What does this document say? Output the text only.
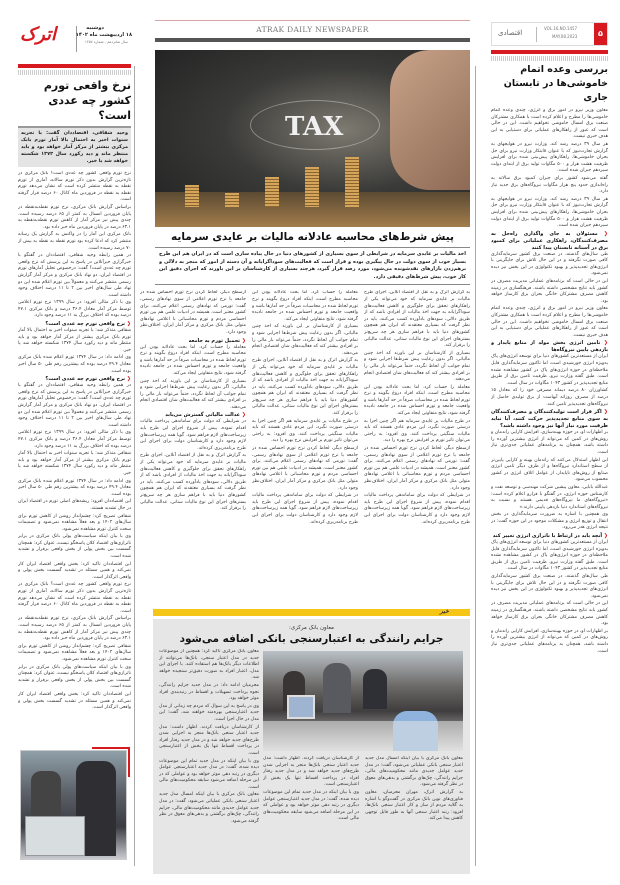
اترک	دوشنبه
۱۸ اردیبهشت ماه ۱۴۰۲
سال شانزدهم - شماره ۱۴۵۷
نرخ واقعی تورم کشور چه عددی است؟
وحید شقاقی، اقتصاددان گفت: با تجربه سنوات اخیر به احتمال بالا آمار تورم بانک مرکزی بیشتر از مرکز آمار خواهد بود و باید منتظر ماند و دید رکورد سال ۱۳۷۴ شکسته خواهد شد یا خیر.

نرخ تورم واقعی کشور چه عددی است؟ بانک مرکزی در تازه‌ترین گزارش بدون ذکر تورم سالانه، آماری از تورم نقطه به نقطه منتشر کرده است که نشان می‌دهد تورم نقطه به نقطه در فروردین ماه کانال ۶۰ درصد قرار گرفته است.

براساس گزارش بانک مرکزی، نرخ تورم نقطه‌به‌نقطه در پایان فروردین امسال به کمتر از ۶۵ درصد رسیده است. چندی پیش نیز مرکز آمار از کاهش تورم نقطه‌به‌نقطه به ۶۳.۱ درصد در پایان فروردین ماه خبر داده بود.

بانک مرکزی این آمار را در واکنش به گزارش یک رسانه منتشر کرد که ادعا کرده بود تورم نقطه به نقطه به بیش از ۷۰ درصد رسیده است.

در همین رابطه وحید شقاقی، اقتصاددان در گفتگو با خبرگزاری خبرآنلاین در پاسخ به این پرسش که نرخ واقعی تورم چه عددی است؟ گفت: درخصوص تحلیل آمارهای تورم در اقتصاد ایران، دو نهاد بانک مرکزی و مرکز آمار گزارش رسمی منتشر می‌کنند و معمولاً بین تورم اعلام شده این دو نهاد طی سال‌های اخیر بین ۲ تا ۱۱ درصد اختلاف وجود داشته است.

وی با ذکر مثالی افزود: در سال ۱۳۹۹ نرخ تورم اعلامی توسط مرکز آمار معادل ۳۶.۴ درصد و بانک مرکزی ۴۷.۱ درصد بوده که اختلاف بزرگ به ۱۱ درصد وجود دارد.

❮ نرخ واقعی تورم چه عددی است؟

شقاقی متذکر شد: با تجربه سنوات اخیر به احتمال بالا آمار تورم بانک مرکزی بیشتر از مرکز آمار خواهد بود و باید منتظر ماند و دید رکورد سال ۱۳۷۴ شکسته خواهد شد یا خیر.

وی ادامه داد: در سال ۱۳۷۴ تورم اعلام شده بانک مرکزی معادل ۴۹.۴ درصد بوده که بیشترین رقم طی ۵۰ سال اخیر بوده است.

❮ نرخ واقعی تورم چه عددی است؟

در همین رابطه وحید شقاقی، اقتصاددان در گفتگو با خبرگزاری خبرآنلاین در پاسخ به این پرسش که نرخ واقعی تورم چه عددی است؟ گفت: درخصوص تحلیل آمارهای تورم در اقتصاد ایران، دو نهاد بانک مرکزی و مرکز آمار گزارش رسمی منتشر می‌کنند و معمولاً بین تورم اعلام شده این دو نهاد طی سال‌های اخیر بین ۲ تا ۱۱ درصد اختلاف وجود داشته است.

وی با ذکر مثالی افزود: در سال ۱۳۹۹ نرخ تورم اعلامی توسط مرکز آمار معادل ۳۶.۴ درصد و بانک مرکزی ۴۷.۱ درصد بوده که اختلاف بزرگ به ۱۱ درصد وجود دارد.

شقاقی متذکر شد: با تجربه سنوات اخیر به احتمال بالا آمار تورم بانک مرکزی بیشتر از مرکز آمار خواهد بود و باید منتظر ماند و دید رکورد سال ۱۳۷۴ شکسته خواهد شد یا خیر.

وی ادامه داد: در سال ۱۳۷۴ تورم اعلام شده بانک مرکزی معادل ۴۹.۴ درصد بوده که بیشترین رقم طی ۵۰ سال اخیر بوده است.

این اقتصاددان افزود: ریشه‌های اصلی تورم در اقتصاد ایران در حال تشدید هستند.

شقاقی تصریح کرد: چشم‌انداز روشن از کاهش تورم برای سال‌های ۱۴۰۲ و بعد فعلاً مشاهده نمی‌شود و تصمیمات سخت کنترل تورم مشاهده نمی‌شود.

وی با بیان اینکه سیاست‌های پولی بانک مرکزی در برابر ناترازی‌های اقتصاد کلان پاسخگو نیست، عنوان کرد: همچنان گسست بین بخش پولی از بخش واقعی برقرار و تشدید شده است.

این اقتصاددان تاکید کرد: بخش واقعی اقتصاد ایران کار نمی‌کند و همین مسئله در تشدید گسست بخش پولی و واقعی اثرگذار است.

نرخ تورم واقعی کشور چه عددی است؟ بانک مرکزی در تازه‌ترین گزارش بدون ذکر تورم سالانه، آماری از تورم نقطه به نقطه منتشر کرده است که نشان می‌دهد تورم نقطه به نقطه در فروردین ماه کانال ۶۰ درصد قرار گرفته است.

براساس گزارش بانک مرکزی، نرخ تورم نقطه‌به‌نقطه در پایان فروردین امسال به کمتر از ۶۵ درصد رسیده است. چندی پیش نیز مرکز آمار از کاهش تورم نقطه‌به‌نقطه به ۶۳.۱ درصد در پایان فروردین ماه خبر داده بود.

شقاقی تصریح کرد: چشم‌انداز روشن از کاهش تورم برای سال‌های ۱۴۰۲ و بعد فعلاً مشاهده نمی‌شود و تصمیمات سخت کنترل تورم مشاهده نمی‌شود.

وی با بیان اینکه سیاست‌های پولی بانک مرکزی در برابر ناترازی‌های اقتصاد کلان پاسخگو نیست، عنوان کرد: همچنان گسست بین بخش پولی از بخش واقعی برقرار و تشدید شده است.

این اقتصاددان تاکید کرد: بخش واقعی اقتصاد ایران کار نمی‌کند و همین مسئله در تشدید گسست بخش پولی و واقعی اثرگذار است.

ATRAK DAILY NEWSPAPER
TAX
پیش شرط‌های محاسبه عادلانه مالیات بر عایدی سرمایه
اخذ مالیات بر عایدی سرمایه در شرایطی از سوی بسیاری از کشورهای دنیا در حال پیاده سازی است که در ایران هم این طرح بسیار خوب از سوی دولت در حال پیگیری بوده و قرار است که فعالیت‌های سوداگرایانه و آن دسته از امور که منجر به دلالی و برهم‌زدن بازارهای نقدشونده می‌شود، مورد رصد قرار گیرد، هرچند بسیاری از کارشناسان بر این باورند که اجرای دقیق این کار خوب، پیش شرط‌های دقیقی دارد.

به گزارش اترک و به نقل از اقتصاد آنلاین، اجرای طرح مالیات بر عایدی سرمایه که خود می‌تواند یکی از راهکارهای تحقق برای جلوگیری و کاهش فعالیت‌های سوداگرایانه به جهت اخذ مالیات از افرادی باشد که از طریق دلالی، سودهای بادآورده کسب می‌کنند، باید در نظر گرفت که بسیاری معتقدند که ایران هم همچون کشورهای دنیا باید با فراهم سازی هر چه سریع‌تر بسترهای اجرای این نوع مالیات ستانی، عدالت مالیاتی را برقرار کند.

بسیاری از کارشناسان بر این باورند که اخذ چنین مالیاتی، اگر بدون رعایت پیش شرط‌ها اجرایی شود و تمام جوانب آن لحاظ نگردد، حتماً می‌تواند بار مالی را بر افرادی بیشتر کند که فعالیت‌های شان اقتصادی انجام می‌دهند.

معامله را حساب کرد. اما بحث عادلانه بودن این محاسبه مطرح است، اینکه افراد دروغ بگویند و نرخ تورم لحاظ شده در محاسبات صرفاً در حد آمارها باشد و واقعیت جامعه و تورم احساس شده در جامعه نادیده گرفته شود، نتایج متفاوتی ایجاد می‌کند.

در طرح مالیات بر عایدی سرمایه هم اگر چنین اجرا به درستی صورت نگیرد، این مردم عادی هستند که باید مالیات سنگینی پرداخت کنند. وی افزود: به راحتی می‌توان تاثیر تورم بر افزایش نرخ بهره را دید.

ازسطح دیگر، لحاظ کردن نرخ تورم احساس شده در جامعه یا نرخ تورم اعلامی از سوی نهادهای رسمی، گفت: تورمی که نهادهای رسمی اعلام می‌کنند، برای کشور معتبر است. همیشه در ادبیات علمی هم بین تورم احساسی مردم و تورم محاسباتی با اعلامی نهادهای متولی مثل بانک مرکزی و مرکز آمار ایران، اختلاف‌نظر وجود دارد.

در شرایطی که دولت برای ساماندهی پرداخت مالیات اقدام نموده، پیش از شروع اجرای این طرح باید زیرساخت‌های لازم فراهم شود. گویا همه زیرساخت‌های لازم وجود دارد و کارشناسان دولت برای اجرای این طرح برنامه‌ریزی کرده‌اند.

معامله را حساب کرد. اما بحث عادلانه بودن این محاسبه مطرح است، اینکه افراد دروغ بگویند و نرخ تورم لحاظ شده در محاسبات صرفاً در حد آمارها باشد و واقعیت جامعه و تورم احساس شده در جامعه نادیده گرفته شود، نتایج متفاوتی ایجاد می‌کند.

بسیاری از کارشناسان بر این باورند که اخذ چنین مالیاتی، اگر بدون رعایت پیش شرط‌ها اجرایی شود و تمام جوانب آن لحاظ نگردد، حتماً می‌تواند بار مالی را بر افرادی بیشتر کند که فعالیت‌های شان اقتصادی انجام می‌دهند.

به گزارش اترک و به نقل از اقتصاد آنلاین، اجرای طرح مالیات بر عایدی سرمایه که خود می‌تواند یکی از راهکارهای تحقق برای جلوگیری و کاهش فعالیت‌های سوداگرایانه به جهت اخذ مالیات از افرادی باشد که از طریق دلالی، سودهای بادآورده کسب می‌کنند، باید در نظر گرفت که بسیاری معتقدند که ایران هم همچون کشورهای دنیا باید با فراهم سازی هر چه سریع‌تر بسترهای اجرای این نوع مالیات ستانی، عدالت مالیاتی را برقرار کند.

در طرح مالیات بر عایدی سرمایه هم اگر چنین اجرا به درستی صورت نگیرد، این مردم عادی هستند که باید مالیات سنگینی پرداخت کنند. وی افزود: به راحتی می‌توان تاثیر تورم بر افزایش نرخ بهره را دید.

ازسطح دیگر، لحاظ کردن نرخ تورم احساس شده در جامعه یا نرخ تورم اعلامی از سوی نهادهای رسمی، گفت: تورمی که نهادهای رسمی اعلام می‌کنند، برای کشور معتبر است. همیشه در ادبیات علمی هم بین تورم احساسی مردم و تورم محاسباتی با اعلامی نهادهای متولی مثل بانک مرکزی و مرکز آمار ایران، اختلاف‌نظر وجود دارد.

در شرایطی که دولت برای ساماندهی پرداخت مالیات اقدام نموده، پیش از شروع اجرای این طرح باید زیرساخت‌های لازم فراهم شود. گویا همه زیرساخت‌های لازم وجود دارد و کارشناسان دولت برای اجرای این طرح برنامه‌ریزی کرده‌اند.

ازسطح دیگر، لحاظ کردن نرخ تورم احساس شده در جامعه یا نرخ تورم اعلامی از سوی نهادهای رسمی، گفت: تورمی که نهادهای رسمی اعلام می‌کنند، برای کشور معتبر است. همیشه در ادبیات علمی هم بین تورم احساسی مردم و تورم محاسباتی با اعلامی نهادهای متولی مثل بانک مرکزی و مرکز آمار ایران، اختلاف‌نظر وجود دارد.

❮ تحمیل تورم به جامعه

معامله را حساب کرد. اما بحث عادلانه بودن این محاسبه مطرح است، اینکه افراد دروغ بگویند و نرخ تورم لحاظ شده در محاسبات صرفاً در حد آمارها باشد و واقعیت جامعه و تورم احساس شده در جامعه نادیده گرفته شود، نتایج متفاوتی ایجاد می‌کند.

بسیاری از کارشناسان بر این باورند که اخذ چنین مالیاتی، اگر بدون رعایت پیش شرط‌ها اجرایی شود و تمام جوانب آن لحاظ نگردد، حتماً می‌تواند بار مالی را بر افرادی بیشتر کند که فعالیت‌های شان اقتصادی انجام می‌دهند.

❮ عدالت مالیاتی گسترش می‌یابد

در شرایطی که دولت برای ساماندهی پرداخت مالیات اقدام نموده، پیش از شروع اجرای این طرح باید زیرساخت‌های لازم فراهم شود. گویا همه زیرساخت‌های لازم وجود دارد و کارشناسان دولت برای اجرای این طرح برنامه‌ریزی کرده‌اند.

به گزارش اترک و به نقل از اقتصاد آنلاین، اجرای طرح مالیات بر عایدی سرمایه که خود می‌تواند یکی از راهکارهای تحقق برای جلوگیری و کاهش فعالیت‌های سوداگرایانه به جهت اخذ مالیات از افرادی باشد که از طریق دلالی، سودهای بادآورده کسب می‌کنند، باید در نظر گرفت که بسیاری معتقدند که ایران هم همچون کشورهای دنیا باید با فراهم سازی هر چه سریع‌تر بسترهای اجرای این نوع مالیات ستانی، عدالت مالیاتی را برقرار کند.

خبر
معاون بانک مرکزی:
جرایم رانندگی به اعتبارسنجی بانکی اضافه می‌شود

معاون بانک مرکزی تاکید کرد: همچنین از موضوعات جدید در مدل اعتبار سنجی، بانک‌ها می‌توانند از اطلاعات دیگر بانک‌ها هم استفاده کنند. با اجرای این مدل، اعتبار افراد به صورت دقیق‌تر سنجیده خواهد شد.

محرمیان ادامه داد: در مدل جدید جرایم رانندگی، نحوه پرداخت تسهیلات و اقساط در رتبه‌بندی افراد موثر خواهد بود.

وی در پاسخ به این سوال که مردم چه زمانی از مدل جدید اعتبارسنجی بهره‌مند خواهند شد، گفت: این مدل در حال اجرا است.

از کارشناسان دریافت کردند. اظهار داشت: مدل جدید اعتبار سنجی بانک‌ها منجر به اجرایی شدن طرح‌های جدید خواهد شد و در مدل جدید رفتار افراد در پرداخت اقساط تنها یک بخش از اعتبارسنجی است.

وی با بیان اینکه در مدل جدید تمام این موضوعات دیده شده، گفت: در مدل جدید اعتبارسنجی عوامل دیگری در رتبه دهی موثر خواهد بود و عواملی که در این مرحله اضافه می‌شود سابقه محکومیت‌های مالی است.

معاون بانک مرکزی با بیان اینکه امسال مدل جدید اعتبار سنجی بانکی عملیاتی می‌شود، گفت: در مدل جدید عوامل جدیدی مانند محکومیت‌های مالی، جرایم رانندگی، چک‌های برگشتی و بدهی‌های معوق در نظر گرفته می‌شود.

از کارشناسان دریافت کردند. اظهار داشت: مدل جدید اعتبار سنجی بانک‌ها منجر به اجرایی شدن طرح‌های جدید خواهد شد و در مدل جدید رفتار افراد در پرداخت اقساط تنها یک بخش از اعتبارسنجی است.

وی با بیان اینکه در مدل جدید تمام این موضوعات دیده شده، گفت: در مدل جدید اعتبارسنجی عوامل دیگری در رتبه دهی موثر خواهد بود و عواملی که در این مرحله اضافه می‌شود سابقه محکومیت‌های مالی است.

معاون بانک مرکزی با بیان اینکه امسال مدل جدید اعتبار سنجی بانکی عملیاتی می‌شود، گفت: در مدل جدید عوامل جدیدی مانند محکومیت‌های مالی، جرایم رانندگی، چک‌های برگشتی و بدهی‌های معوق در نظر گرفته می‌شود.

به گزارش اترک، مهران محرمیان، معاون فناوری‌های نوین بانک مرکزی در گفت‌وگو با اشاره به گلایه مردم از ساز و کار اعتبار سنجی بانک‌ها، افزود: رتبه اعتبار سنجی آنها به طور قابل توجهی کاهش پیدا می‌کند.

اقتصادی
VOL.16,NO.1457
MAY.08.2023	۵
بررسی وعده اتمام خاموشی‌ها در تابستان جاری

معاون وزیر نیرو در امور برق و انرژی، چندی وعده اتمام خاموشی‌ها را مطرح و اعلام کرده است با همکاری مشترکان صنعت برق امسال خاموشی نخواهیم داشت. این در حالی است که عبور از راهکارهای عملیاتی برای دستیابی به این هدف خبری نیست.

هر سال ۳۹ درصد رشد کند. وزارت نیرو در هوایجهای به گزارش تجارت‌نیوز که با عنوان ۸ابتکار وزارت نیرو برای حل بحران خاموشی‌ها، راهکارهای پیش‌بینی شده برای افزایش ظرفیت هشت هزار و ۵۰۰ مگاوات تولید برق از ابتدای دولت سیزدهم جبران شده است.

گفته می‌شود کشور برای جبران کمبود برق سالانه به راه‌اندازی حدود پنج هزار مگاوات نیروگاه‌های برق جدید نیاز دارد.

هر سال ۳۹ درصد رشد کند. وزارت نیرو در هوایجهای به گزارش تجارت‌نیوز که با عنوان ۸ابتکار وزارت نیرو برای حل بحران خاموشی‌ها، راهکارهای پیش‌بینی شده برای افزایش ظرفیت هشت هزار و ۵۰۰ مگاوات تولید برق از ابتدای دولت سیزدهم جبران شده است.

❮ مسئولان به جای واگذاری راه‌حل به مصرف‌کنندگان، راهکاری عملیاتی برای کمبود برق در آستانه تابستان پیدا کنند

طی سال‌های گذشته، در صنعت برق کشور سرمایه‌گذاری کافی صورت نگرفته و در این حال تلاش برای جایگزینی با انرژی‌های تجدیدپذیر و بهبود تکنولوژی در این بخش نیز دیده نمی‌شود.

این در حالی است که برنامه‌های عملیاتی مدیریت مصرف در کشور باید نتایج مشخصی داشته باشند. فرهنگسازی در زمینه کاهش مصرف مشترکان خانگی بحران برق کارساز خواهد بود.

معاون وزیر نیرو در امور برق و انرژی، چندی وعده اتمام خاموشی‌ها را مطرح و اعلام کرده است با همکاری مشترکان صنعت برق امسال خاموشی نخواهیم داشت. این در حالی است که عبور از راهکارهای عملیاتی برای دستیابی به این هدف خبری نیست.

❮ تامین انرژی بخش مولد از منابع پایدار و بازدهی پایین نیروگاه‌ها

ایران از مستعدترین کشورهای دنیا برای توسعه انرژی‌های پاک به‌ویژه انرژی خورشیدی است، اما تاکنون سرمایه‌گذاری قابل ملاحظه‌ای در حوزه انرژی‌های پاک در کشور مشاهده نشده است. طبق گفته وزارت نیرو، ظرفیت تامین برق از طریق منابع تجدیدپذیر در کشور ۱۰۴۳ مگاوات در سال است.

کشاورزان ۸۰ درصد دیماند مصرفی خود را که معادل ۱۵ درصد از مصرف روزانه آبهاست از برق تولیدی حاصل از نیروگاه‌های تجدیدپذیر تامین کنند.

❮ اگر قرار است تولیدکنندگان و مصرف‌کنندگان به سوی منابع تجدیدپذیر حرکت کنند، آیا نباید ظرفیت مورد نیاز آنها نیز وجود داشته باشد؟

بر اظهارات او، در حوزه بهینه‌سازی، افزایش کارایی راندمان و روش‌های در کمین که می‌تواند از انرژی بیشترین آورده را داشته باشد، همچنان به برنامه‌های عملیاتی جدی‌تری نیاز است.

این اظهار استدلال می‌کنند که راندمان بهینه و کارایی پایین‌تر از سطح استاندارد نیروگاه‌ها و از طرف دیگر تامین انرژی صنایع از روش‌های ناپایدار، از عوامل اتلاف انرژی در کشور محسوب می‌شود.

عبدالله بابایی، معاون پیشین شرکت مهندسی و توسعه نفت و کارشناس حوزه انرژی، در گفتگو با فرارو اعلام کرده است: «نیروگاه‌های ما نیروگاه‌های قدیمی هستند و نسبت به نیروگاه‌های استاندارد دنیا بازدهی پایینی دارند.»

وی همچنین با اشاره به ضرورت سرمایه‌گذاری در بخش انتقال و توزیع انرژی و مشکلات موجود در این حوزه گفت: در نتیجه انرژی هدر می‌رود.

❮ آنچه باید در ارتباط با ناترازی انرژی تغییر کند

ایران از مستعدترین کشورهای دنیا برای توسعه انرژی‌های پاک به‌ویژه انرژی خورشیدی است، اما تاکنون سرمایه‌گذاری قابل ملاحظه‌ای در حوزه انرژی‌های پاک در کشور مشاهده نشده است. طبق گفته وزارت نیرو، ظرفیت تامین برق از طریق منابع تجدیدپذیر در کشور ۱۰۴۳ مگاوات در سال است.

طی سال‌های گذشته، در صنعت برق کشور سرمایه‌گذاری کافی صورت نگرفته و در این حال تلاش برای جایگزینی با انرژی‌های تجدیدپذیر و بهبود تکنولوژی در این بخش نیز دیده نمی‌شود.

این در حالی است که برنامه‌های عملیاتی مدیریت مصرف در کشور باید نتایج مشخصی داشته باشند. فرهنگسازی در زمینه کاهش مصرف مشترکان خانگی بحران برق کارساز خواهد بود.

بر اظهارات او، در حوزه بهینه‌سازی، افزایش کارایی راندمان و روش‌های در کمین که می‌تواند از انرژی بیشترین آورده را داشته باشد، همچنان به برنامه‌های عملیاتی جدی‌تری نیاز است.
